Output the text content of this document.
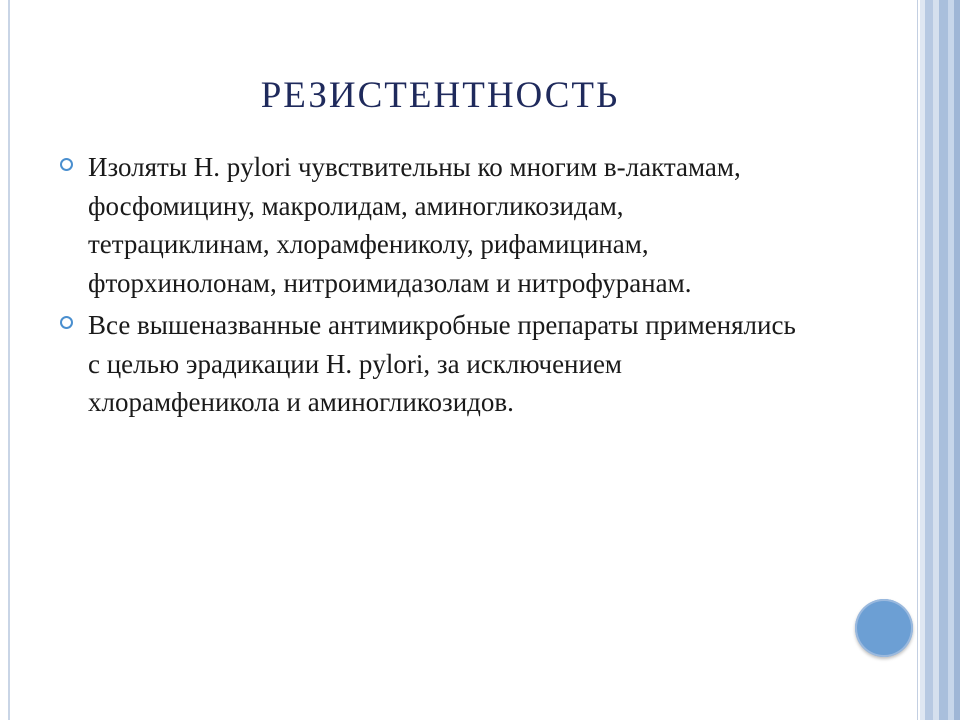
РЕЗИСТЕНТНОСТЬ
Изоляты H. pylori чувствительны ко многим в-лактамам, фосфомицину, макролидам, аминогликозидам, тетрациклинам, хлорамфениколу, рифамицинам, фторхинолонам, нитроимидазолам и нитрофуранам.
Все вышеназванные антимикробные препараты применялись с целью эрадикации H. pylori, за исключением хлорамфеникола и аминогликозидов.
